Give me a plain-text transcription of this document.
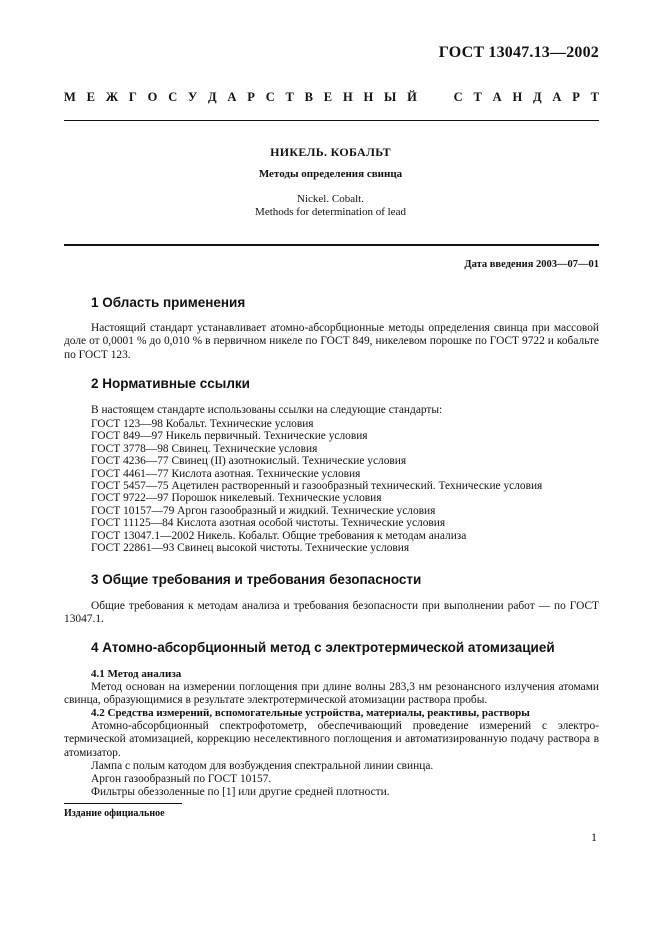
ГОСТ 13047.13—2002
М Е Ж Г О С У Д А Р С Т В Е Н Н Ы Й	С Т А Н Д А Р Т
НИКЕЛЬ. КОБАЛЬТ
Методы определения свинца
Nickel. Cobalt.
Methods for determination of lead
Дата введения 2003—07—01
1 Область применения
Настоящий стандарт устанавливает атомно-абсорбционные методы определения свинца при массовой доле от 0,0001 % до 0,010 % в первичном никеле по ГОСТ 849, никелевом порошке по ГОСТ 9722 и кобальте по ГОСТ 123.
2 Нормативные ссылки
В настоящем стандарте использованы ссылки на следующие стандарты:
ГОСТ 123—98 Кобальт. Технические условия
ГОСТ 849—97 Никель первичный. Технические условия
ГОСТ 3778—98 Свинец. Технические условия
ГОСТ 4236—77 Свинец (II) азотнокислый. Технические условия
ГОСТ 4461—77 Кислота азотная. Технические условия
ГОСТ 5457—75 Ацетилен растворенный и газообразный технический. Технические условия
ГОСТ 9722—97 Порошок никелевый. Технические условия
ГОСТ 10157—79 Аргон газообразный и жидкий. Технические условия
ГОСТ 11125—84 Кислота азотная особой чистоты. Технические условия
ГОСТ 13047.1—2002 Никель. Кобальт. Общие требования к методам анализа
ГОСТ 22861—93 Свинец высокой чистоты. Технические условия
3 Общие требования и требования безопасности
Общие требования к методам анализа и требования безопасности при выполнении работ — по ГОСТ 13047.1.
4 Атомно-абсорбционный метод с электротермической атомизацией
4.1 Метод анализа
Метод основан на измерении поглощения при длине волны 283,3 нм резонансного излучения атомами свинца, образующимися в результате электротермической атомизации раствора пробы.
4.2 Средства измерений, вспомогательные устройства, материалы, реактивы, растворы
Атомно-абсорбционный спектрофотометр, обеспечивающий проведение измерений с электро-термической атомизацией, коррекцию неселективного поглощения и автоматизированную подачу раствора в атомизатор.
Лампа с полым катодом для возбуждения спектральной линии свинца.
Аргон газообразный по ГОСТ 10157.
Фильтры обеззоленные по [1] или другие средней плотности.
Издание официальное
1
